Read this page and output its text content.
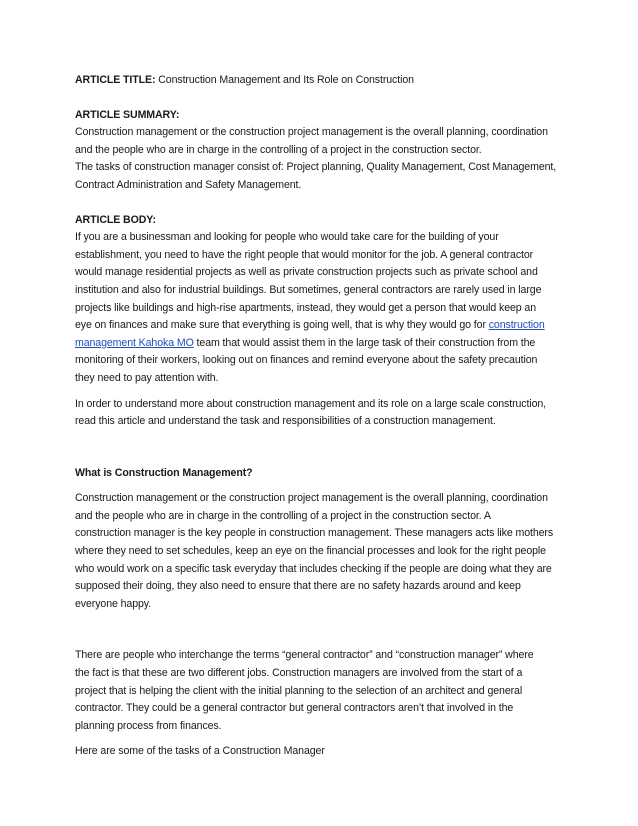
ARTICLE TITLE: Construction Management and Its Role on Construction
ARTICLE SUMMARY:
Construction management or the construction project management is the overall planning, coordination
and the people who are in charge in the controlling of a project in the construction sector.
The tasks of construction manager consist of: Project planning, Quality Management, Cost Management,
Contract Administration and Safety Management.
ARTICLE BODY:
If you are a businessman and looking for people who would take care for the building of your
establishment, you need to have the right people that would monitor for the job. A general contractor
would manage residential projects as well as private construction projects such as private school and
institution and also for industrial buildings. But sometimes, general contractors are rarely used in large
projects like buildings and high-rise apartments, instead, they would get a person that would keep an
eye on finances and make sure that everything is going well, that is why they would go for construction
management Kahoka MO team that would assist them in the large task of their construction from the
monitoring of their workers, looking out on finances and remind everyone about the safety precaution
they need to pay attention with.
In order to understand more about construction management and its role on a large scale construction,
read this article and understand the task and responsibilities of a construction management.
What is Construction Management?
Construction management or the construction project management is the overall planning, coordination
and the people who are in charge in the controlling of a project in the construction sector. A
construction manager is the key people in construction management. These managers acts like mothers
where they need to set schedules, keep an eye on the financial processes and look for the right people
who would work on a specific task everyday that includes checking if the people are doing what they are
supposed their doing, they also need to ensure that there are no safety hazards around and keep
everyone happy.
There are people who interchange the terms “general contractor” and “construction manager” where
the fact is that these are two different jobs. Construction managers are involved from the start of a
project that is helping the client with the initial planning to the selection of an architect and general
contractor. They could be a general contractor but general contractors aren’t that involved in the
planning process from finances.
Here are some of the tasks of a Construction Manager
